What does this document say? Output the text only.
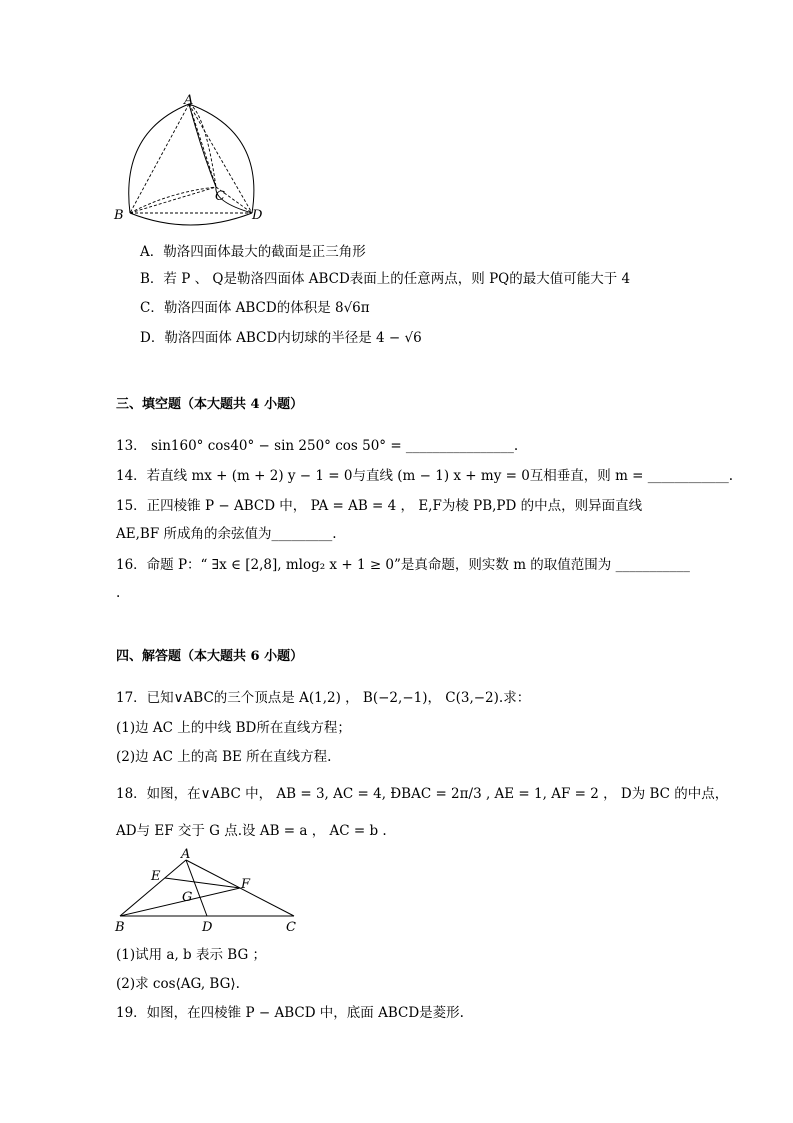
A
C
B	D
A．勒洛四面体最大的截面是正三角形
B．若 P 、 Q是勒洛四面体 ABCD表面上的任意两点，则 PQ的最大值可能大于 4
C．勒洛四面体 ABCD的体积是 8√6π
D．勒洛四面体 ABCD内切球的半径是 4 − √6
三、填空题（本大题共 4 小题）
13． sin160° cos40° − sin 250° cos 50° = ________________.
14．若直线 mx + (m + 2) y − 1 = 0与直线 (m − 1) x + my = 0互相垂直，则 m = ____________.
15．正四棱锥 P − ABCD 中， PA = AB = 4 ， E,F为棱 PB,PD 的中点，则异面直线
AE,BF 所成角的余弦值为_________.
16．命题 P：“ ∃x ∈ [2,8], mlog₂ x + 1 ≥ 0”是真命题，则实数 m 的取值范围为 ___________
.
四、解答题（本大题共 6 小题）
17．已知∨ABC的三个顶点是 A(1,2) ， B(−2,−1)， C(3,−2).求：
(1)边 AC 上的中线 BD所在直线方程；
(2)边 AC 上的高 BE 所在直线方程.
18．如图，在∨ABC 中， AB = 3, AC = 4, ÐBAC = 2π/3 , AE = 1, AF = 2 ， D为 BC 的中点，
AD与 EF 交于 G 点.设 AB = a ， AC = b .
A
E
F
G
B	D	C
(1)试用 a, b 表示 BG ；
(2)求 cos⟨AG, BG⟩.
19．如图，在四棱锥 P − ABCD 中，底面 ABCD是菱形.
